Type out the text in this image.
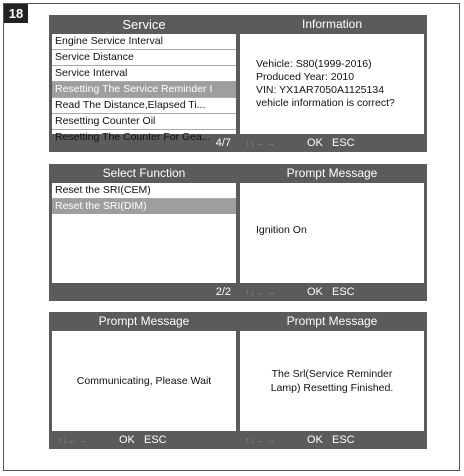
18
Service
Engine Service Interval
Service Distance
Service Interval
Resetting The Service Reminder I
Read The Distance,Elapsed Ti...
Resetting Counter Oil
Resetting The Counter For Gea... 4/7
Information
Vehicle: S80(1999-2016)
Produced Year: 2010
VIN: YX1AR7050A1125134
vehicle information is correct?
↑↓←→	OK ESC
Select Function
Reset the SRI(CEM)
Reset the SRI(DIM)
2/2
Prompt Message
Ignition On
↑↓←→	OK ESC
Prompt Message
Communicating, Please Wait
↑↓←→	OK ESC
Prompt Message
The Srl(Service Reminder
Lamp) Resetting Finished.
↑↓←→	OK ESC
